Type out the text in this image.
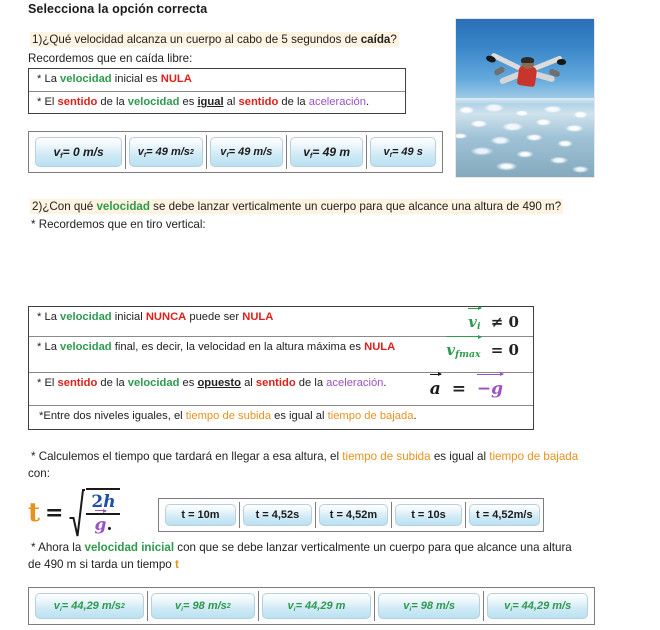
Selecciona la opción correcta
1)¿Qué velocidad alcanza un cuerpo al cabo de 5 segundos de caída?
Recordemos que en caída libre:
* La velocidad inicial es NULA
* El sentido de la velocidad es igual al sentido de la aceleración.
$v_f = 0$ m/s	$v_f = 49$ m/s 2 $v_f = 49$ m/s	$v_f = 49$ m	$v_f = 49$ s
2)¿Con qué velocidad se debe lanzar verticalmente un cuerpo para que alcance una altura de 490 m?
* Recordemos que en tiro vertical:
* La velocidad inicial NUNCA puede ser NULA	$v_i \ne 0$
* La velocidad final, es decir, la velocidad en la altura máxima es NULA	$v_{fmax} = 0$
* El sentido de la velocidad es opuesto al sentido de la aceleración.	a = −g
*Entre dos niveles iguales, el tiempo de subida es igual al tiempo de bajada.
* Calculemos el tiempo que tardará en llegar a esa altura, el tiempo de subida es igual al tiempo de bajada
con:
$t = \frac{2h}{g.}$	t = 10m	t = 4,52s	t = 4,52m	t = 10s	t = 4,52m/s
* Ahora la velocidad inicial con que se debe lanzar verticalmente un cuerpo para que alcance una altura
de 490 m si tarda un tiempo t
$v_i = 44,29$ m/s 2	$v_i = 98$ m/s 2	$v_i = 44,29$ m	$v_i = 98$ m/s	$v_i = 44,29$ m/s
